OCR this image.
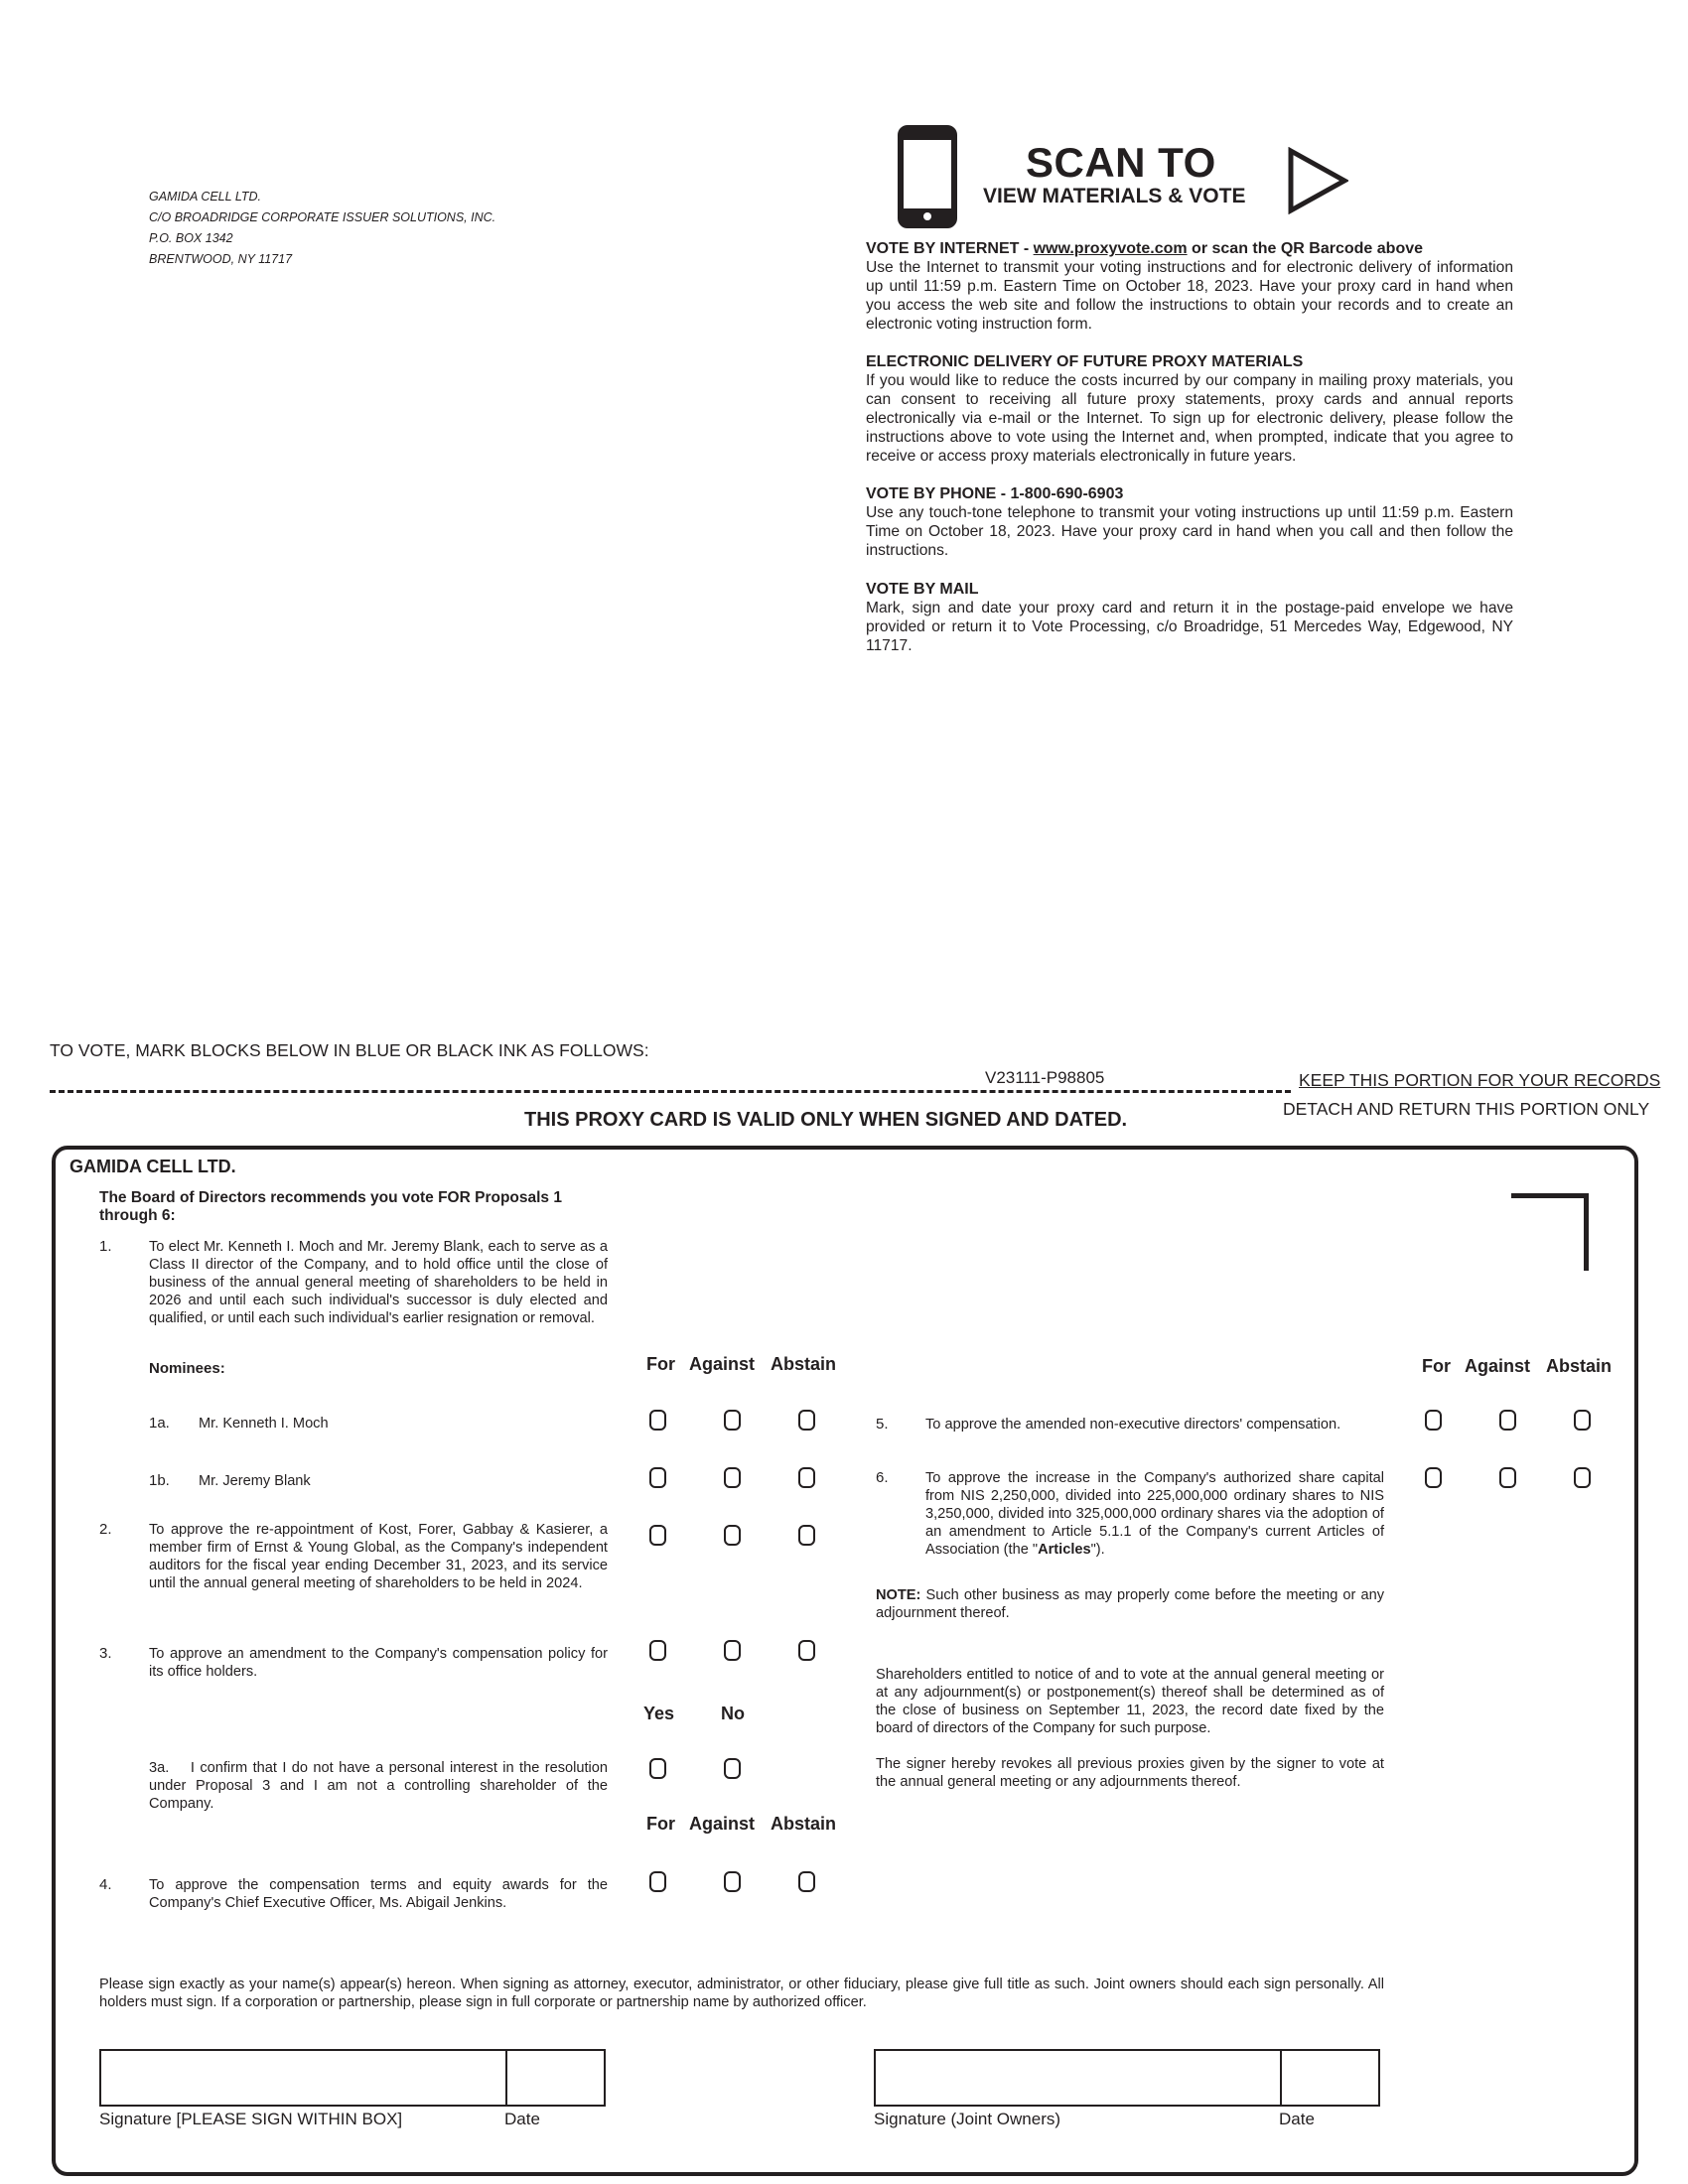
GAMIDA CELL LTD.
C/O BROADRIDGE CORPORATE ISSUER SOLUTIONS, INC.
P.O. BOX 1342
BRENTWOOD, NY 11717
SCAN TO
VIEW MATERIALS & VOTE
VOTE BY INTERNET - www.proxyvote.com or scan the QR Barcode above

Use the Internet to transmit your voting instructions and for electronic delivery of information up until 11:59 p.m. Eastern Time on October 18, 2023. Have your proxy card in hand when you access the web site and follow the instructions to obtain your records and to create an electronic voting instruction form.

ELECTRONIC DELIVERY OF FUTURE PROXY MATERIALS

If you would like to reduce the costs incurred by our company in mailing proxy materials, you can consent to receiving all future proxy statements, proxy cards and annual reports electronically via e-mail or the Internet. To sign up for electronic delivery, please follow the instructions above to vote using the Internet and, when prompted, indicate that you agree to receive or access proxy materials electronically in future years.

VOTE BY PHONE - 1-800-690-6903

Use any touch-tone telephone to transmit your voting instructions up until 11:59 p.m. Eastern Time on October 18, 2023. Have your proxy card in hand when you call and then follow the instructions.

VOTE BY MAIL

Mark, sign and date your proxy card and return it in the postage-paid envelope we have provided or return it to Vote Processing, c/o Broadridge, 51 Mercedes Way, Edgewood, NY 11717.

TO VOTE, MARK BLOCKS BELOW IN BLUE OR BLACK INK AS FOLLOWS:
V23111-P98805	KEEP THIS PORTION FOR YOUR RECORDS
DETACH AND RETURN THIS PORTION ONLY
THIS PROXY CARD IS VALID ONLY WHEN SIGNED AND DATED.
GAMIDA CELL LTD.
The Board of Directors recommends you vote FOR Proposals 1 through 6:
1.	To elect Mr. Kenneth I. Moch and Mr. Jeremy Blank, each to serve as a Class II director of the Company, and to hold office until the close of business of the annual general meeting of shareholders to be held in 2026 and until each such individual's successor is duly elected and qualified, or until each such individual's earlier resignation or removal.
Nominees:	For Against Abstain	For Against Abstain
1a. Mr. Kenneth I. Moch
1b. Mr. Jeremy Blank
2.	To approve the re-appointment of Kost, Forer, Gabbay & Kasierer, a member firm of Ernst & Young Global, as the Company's independent auditors for the fiscal year ending December 31, 2023, and its service until the annual general meeting of shareholders to be held in 2024.
3.	To approve an amendment to the Company's compensation policy for its office holders.
Yes	No
3a. I confirm that I do not have a personal interest in the resolution under Proposal 3 and I am not a controlling shareholder of the Company.
For Against Abstain
4.	To approve the compensation terms and equity awards for the Company's Chief Executive Officer, Ms. Abigail Jenkins.
5.	To approve the amended non-executive directors' compensation.
6.	To approve the increase in the Company's authorized share capital from NIS 2,250,000, divided into 225,000,000 ordinary shares to NIS 3,250,000, divided into 325,000,000 ordinary shares via the adoption of an amendment to Article 5.1.1 of the Company's current Articles of Association (the "Articles").
NOTE: Such other business as may properly come before the meeting or any adjournment thereof.
Shareholders entitled to notice of and to vote at the annual general meeting or at any adjournment(s) or postponement(s) thereof shall be determined as of the close of business on September 11, 2023, the record date fixed by the board of directors of the Company for such purpose.
The signer hereby revokes all previous proxies given by the signer to vote at the annual general meeting or any adjournments thereof.
Please sign exactly as your name(s) appear(s) hereon. When signing as attorney, executor, administrator, or other fiduciary, please give full title as such. Joint owners should each sign personally. All holders must sign. If a corporation or partnership, please sign in full corporate or partnership name by authorized officer.
Signature [PLEASE SIGN WITHIN BOX]	Date	Signature (Joint Owners)	Date
